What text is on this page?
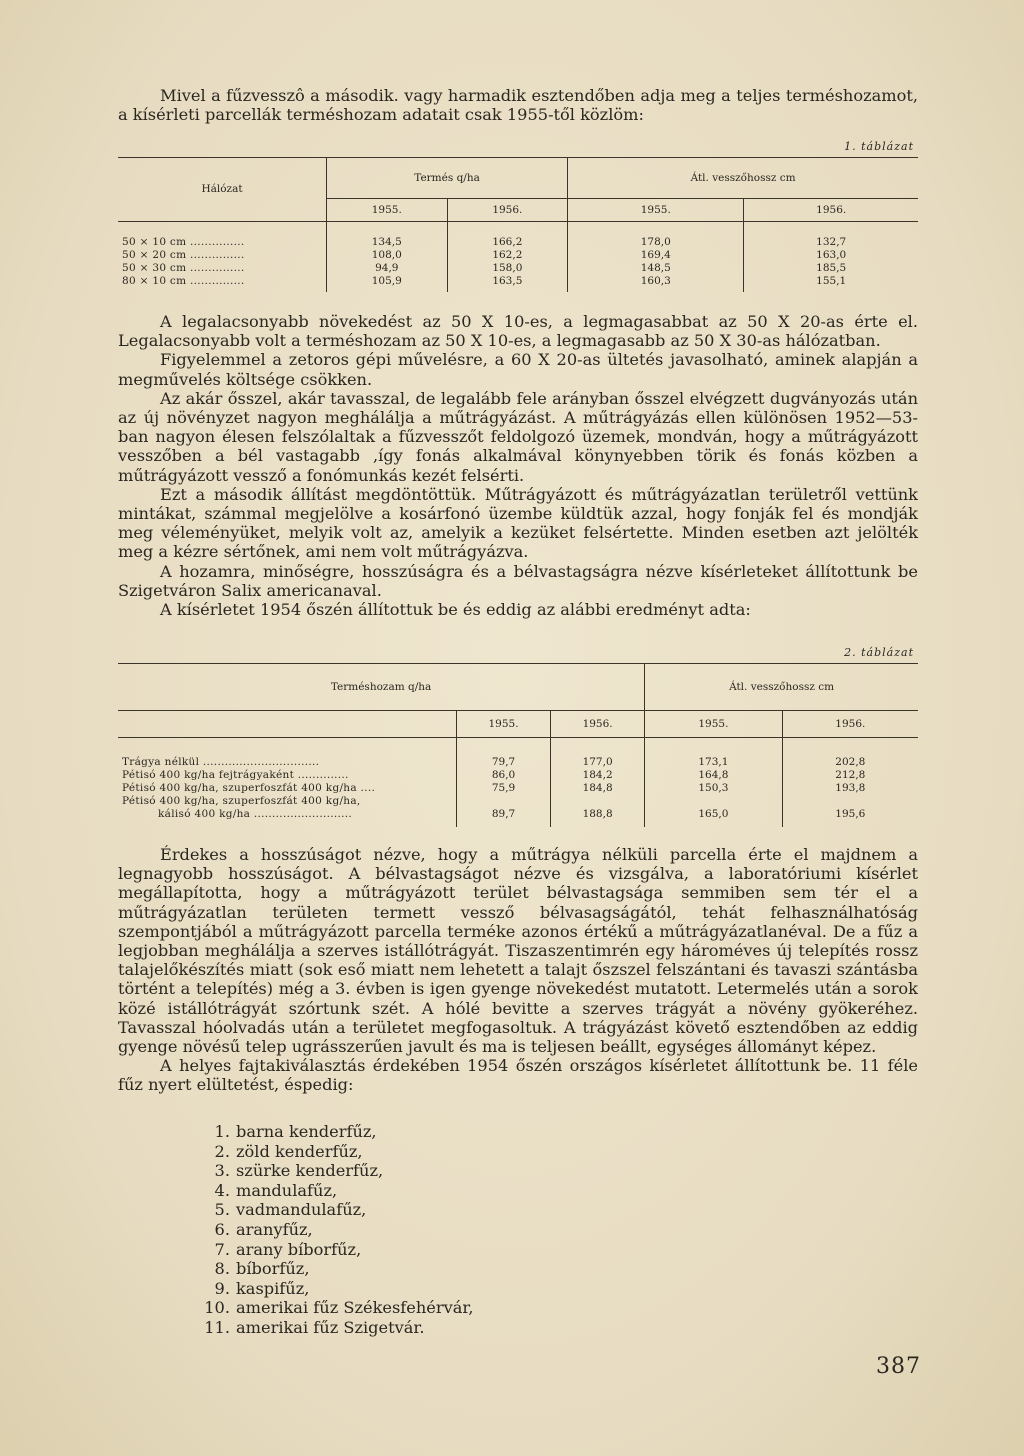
Mivel a fűzvesszô a második. vagy harmadik esztendőben adja meg a teljes terméshozamot, a kísérleti parcellák terméshozam adatait csak 1955-től közlöm:

1. táblázat
Hálózat	Termés q/ha		Átl. vesszőhossz cm	
	1955.	1956.	1955.	1956.
50 × 10 cm ...............	134,5	166,2	178,0	132,7
50 × 20 cm ...............	108,0	162,2	169,4	163,0
50 × 30 cm ...............	94,9	158,0	148,5	185,5
80 × 10 cm ...............	105,9	163,5	160,3	155,1

A legalacsonyabb növekedést az 50 X 10-es, a legmagasabbat az 50 X 20-as érte el. Legalacsonyabb volt a terméshozam az 50 X 10-es, a legmagasabb az 50 X 30-as hálózatban.

Figyelemmel a zetoros gépi művelésre, a 60 X 20-as ültetés javasolható, aminek alapján a megművelés költsége csökken.

Az akár ősszel, akár tavasszal, de legalább fele arányban ősszel elvégzett dugványozás után az új növényzet nagyon meghálálja a műtrágyázást. A műtrágyázás ellen különösen 1952—53-ban nagyon élesen felszólaltak a fűzvesszőt feldolgozó üzemek, mondván, hogy a műtrágyázott vesszőben a bél vastagabb ,így fonás alkalmával könynyebben törik és fonás közben a műtrágyázott vessző a fonómunkás kezét felsérti.

Ezt a második állítást megdöntöttük. Műtrágyázott és műtrágyázatlan területről vettünk mintákat, számmal megjelölve a kosárfonó üzembe küldtük azzal, hogy fonják fel és mondják meg véleményüket, melyik volt az, amelyik a kezüket felsértette. Minden esetben azt jelölték meg a kézre sértőnek, ami nem volt műtrágyázva.

A hozamra, minőségre, hosszúságra és a bélvastagságra nézve kísérleteket állítottunk be Szigetváron Salix americanaval.

A kísérletet 1954 őszén állítottuk be és eddig az alábbi eredményt adta:

2. táblázat
Terméshozam q/ha			Átl. vesszőhossz cm	
	1955.	1956.	1955.	1956.
Trágya nélkül ................................	79,7	177,0	173,1	202,8
Pétisó 400 kg/ha fejtrágyaként ..............	86,0	184,2	164,8	212,8
Pétisó 400 kg/ha, szuperfoszfát 400 kg/ha ....	75,9	184,8	150,3	193,8
Pétisó 400 kg/ha, szuperfoszfát 400 kg/ha,				
kálisó 400 kg/ha ...........................	89,7	188,8	165,0	195,6

Érdekes a hosszúságot nézve, hogy a műtrágya nélküli parcella érte el majdnem a legnagyobb hosszúságot. A bélvastagságot nézve és vizsgálva, a laboratóriumi kísérlet megállapította, hogy a műtrágyázott terület bélvastagsága semmiben sem tér el a műtrágyázatlan területen termett vessző bélvasagságától, tehát felhasználhatóság szempontjából a műtrágyázott parcella terméke azonos értékű a műtrágyázatlanéval. De a fűz a legjobban meghálálja a szerves istállótrágyát. Tiszaszentimrén egy hároméves új telepítés rossz talajelőkészítés miatt (sok eső miatt nem lehetett a talajt őszszel felszántani és tavaszi szántásba történt a telepítés) még a 3. évben is igen gyenge növekedést mutatott. Letermelés után a sorok közé istállótrágyát szórtunk szét. A hólé bevitte a szerves trágyát a növény gyökeréhez. Tavasszal hóolvadás után a területet megfogasoltuk. A trágyázást követő esztendőben az eddig gyenge növésű telep ugrásszerűen javult és ma is teljesen beállt, egységes állományt képez.

A helyes fajtakiválasztás érdekében 1954 őszén országos kísérletet állítottunk be. 11 féle fűz nyert elültetést, éspedig:

1. barna kenderfűz,
2. zöld kenderfűz,
3. szürke kenderfűz,
4. mandulafűz,
5. vadmandulafűz,
6. aranyfűz,
7. arany bíborfűz,
8. bíborfűz,
9. kaspifűz,
10. amerikai fűz Székesfehérvár,
11. amerikai fűz Szigetvár.
387
